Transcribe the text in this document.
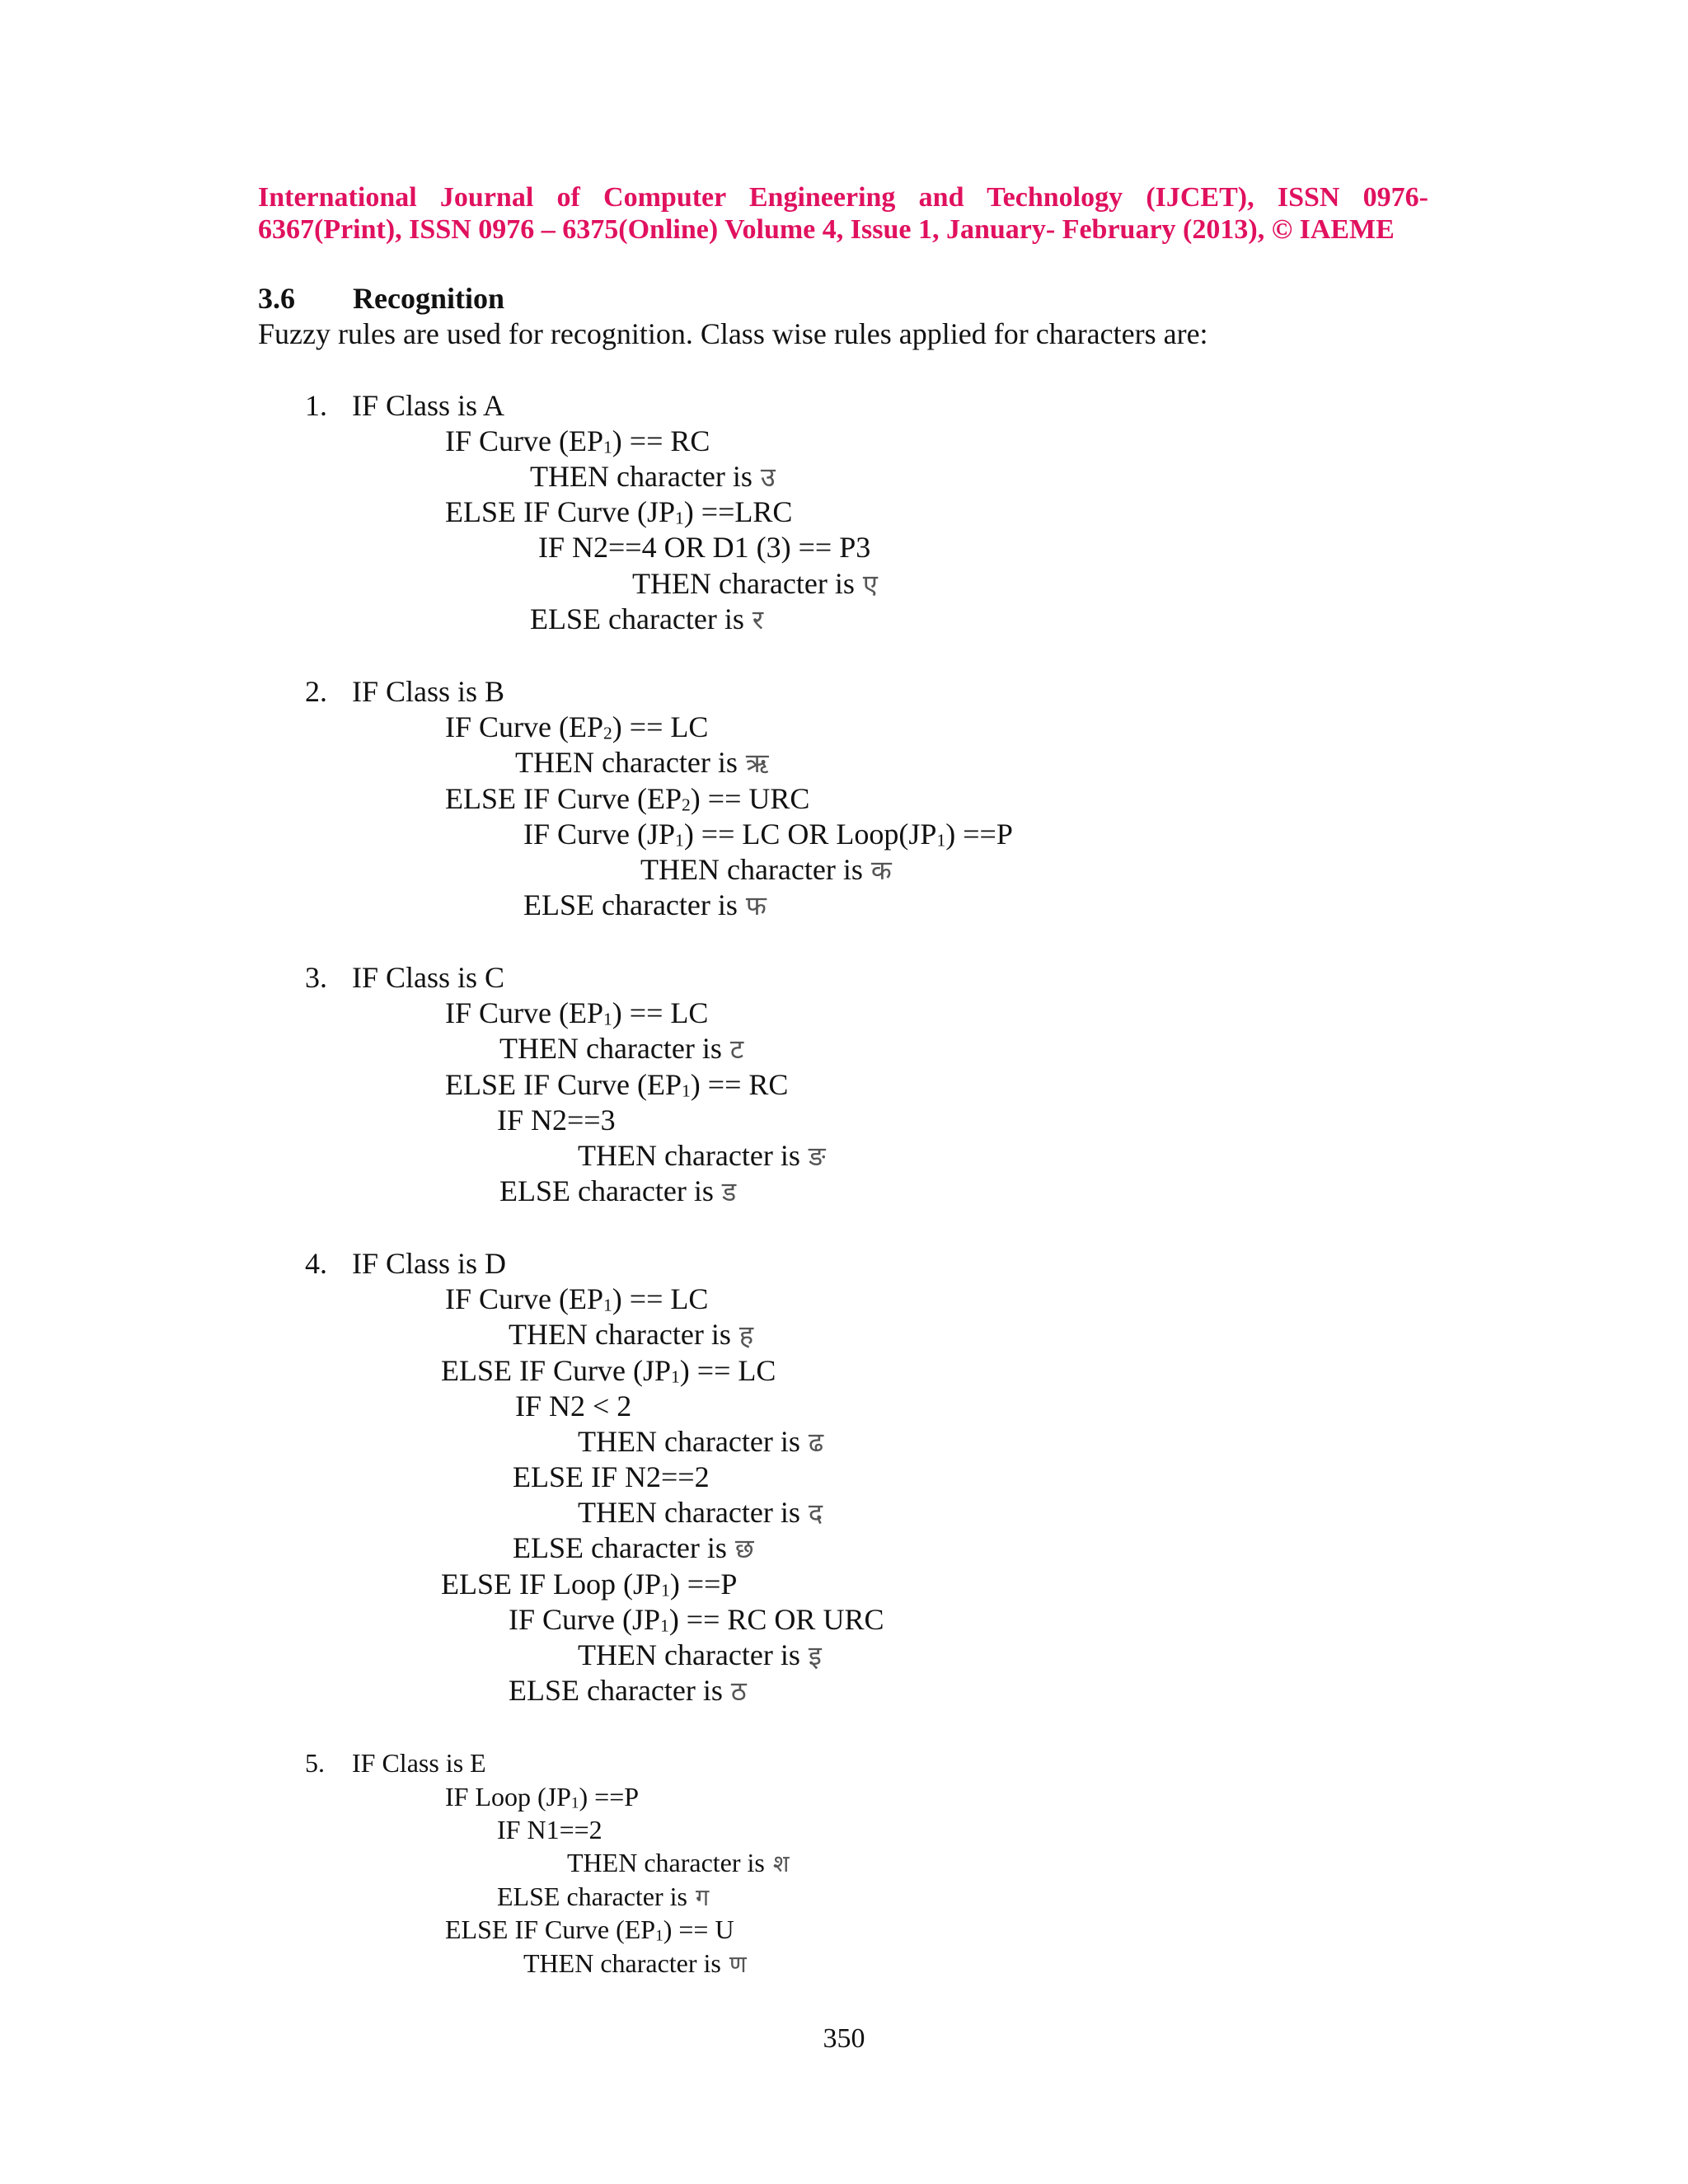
International Journal of Computer Engineering and Technology (IJCET), ISSN 0976-
6367(Print), ISSN 0976 – 6375(Online) Volume 4, Issue 1, January- February (2013), © IAEME
3.6 Recognition
Fuzzy rules are used for recognition. Class wise rules applied for characters are:
1. IF Class is A
IF Curve $(EP_1)$ == RC
THEN character is उ
ELSE IF Curve $(JP_1) ==LRC$
IF N2==4 OR D1 (3) == P3
THEN character is ए
ELSE character is र
2. IF Class is B
IF Curve $(EP_2)$ == LC
THEN character is ऋ
ELSE IF Curve $(EP_2)$ == URC
IF Curve $(JP_1)$ == LC OR $Loop(JP_1) ==P$
THEN character is क
ELSE character is फ
3. IF Class is C
IF Curve $(EP_1)$ == LC
THEN character is ट
ELSE IF Curve $(EP_1)$ == RC
IF N2==3
THEN character is ङ
ELSE character is ड
4. IF Class is D
IF Curve $(EP_1)$ == LC
THEN character is ह
ELSE IF Curve $(JP_1)$ == LC
IF N2 < 2
THEN character is ढ
ELSE IF N2==2
THEN character is द
ELSE character is छ
ELSE IF Loop $(JP_1) ==P$
IF Curve $(JP_1)$ == RC OR URC
THEN character is इ
ELSE character is ठ
5. IF Class is E
IF Loop $(JP_1) ==P$
IF N1==2
THEN character is श
ELSE character is ग
ELSE IF Curve $(EP_1) == U$
THEN character is ण
350
